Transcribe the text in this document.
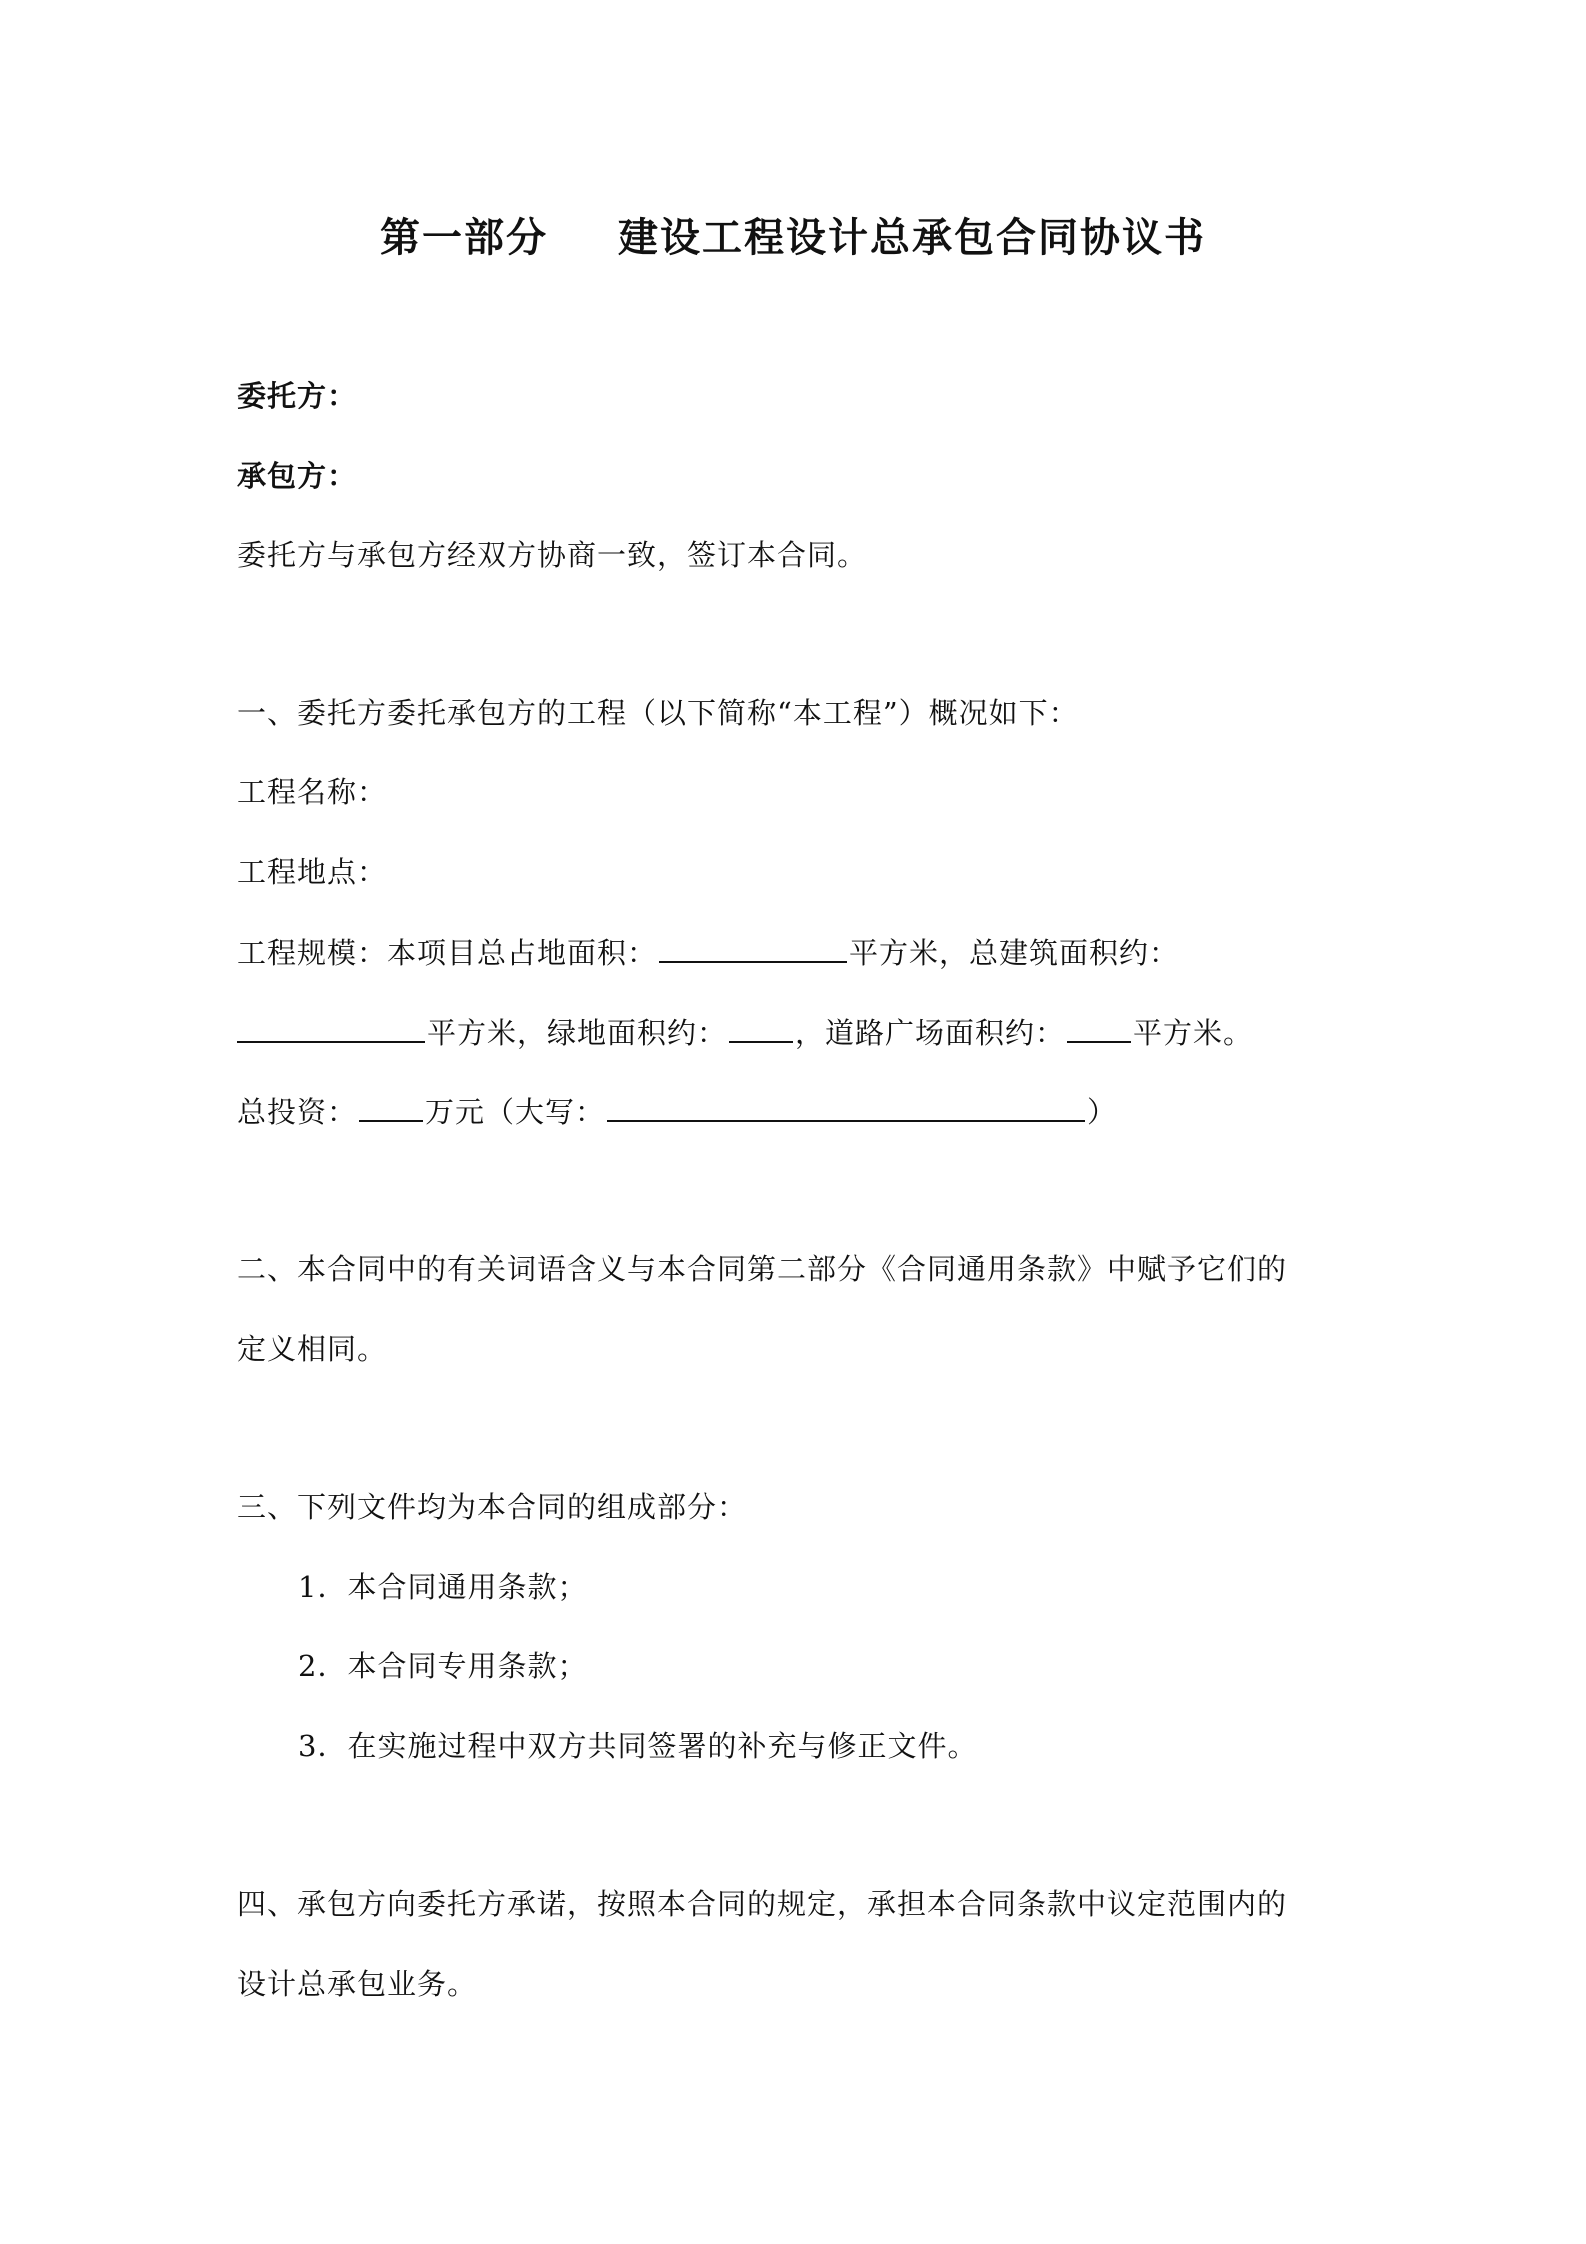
第一部分 建设工程设计总承包合同协议书
委托方：
承包方：
委托方与承包方经双方协商一致，签订本合同。
一、委托方委托承包方的工程（以下简称“本工程”）概况如下：
工程名称：
工程地点：
工程规模：本项目总占地面积：	平方米，总建筑面积约：
平方米，绿地面积约： ，道路广场面积约： 平方米。
总投资： 万元（大写：	）
二、本合同中的有关词语含义与本合同第二部分《合同通用条款》中赋予它们的
定义相同。
三、下列文件均为本合同的组成部分：
1．本合同通用条款；
2．本合同专用条款；
3．在实施过程中双方共同签署的补充与修正文件。
四、承包方向委托方承诺，按照本合同的规定，承担本合同条款中议定范围内的
设计总承包业务。
